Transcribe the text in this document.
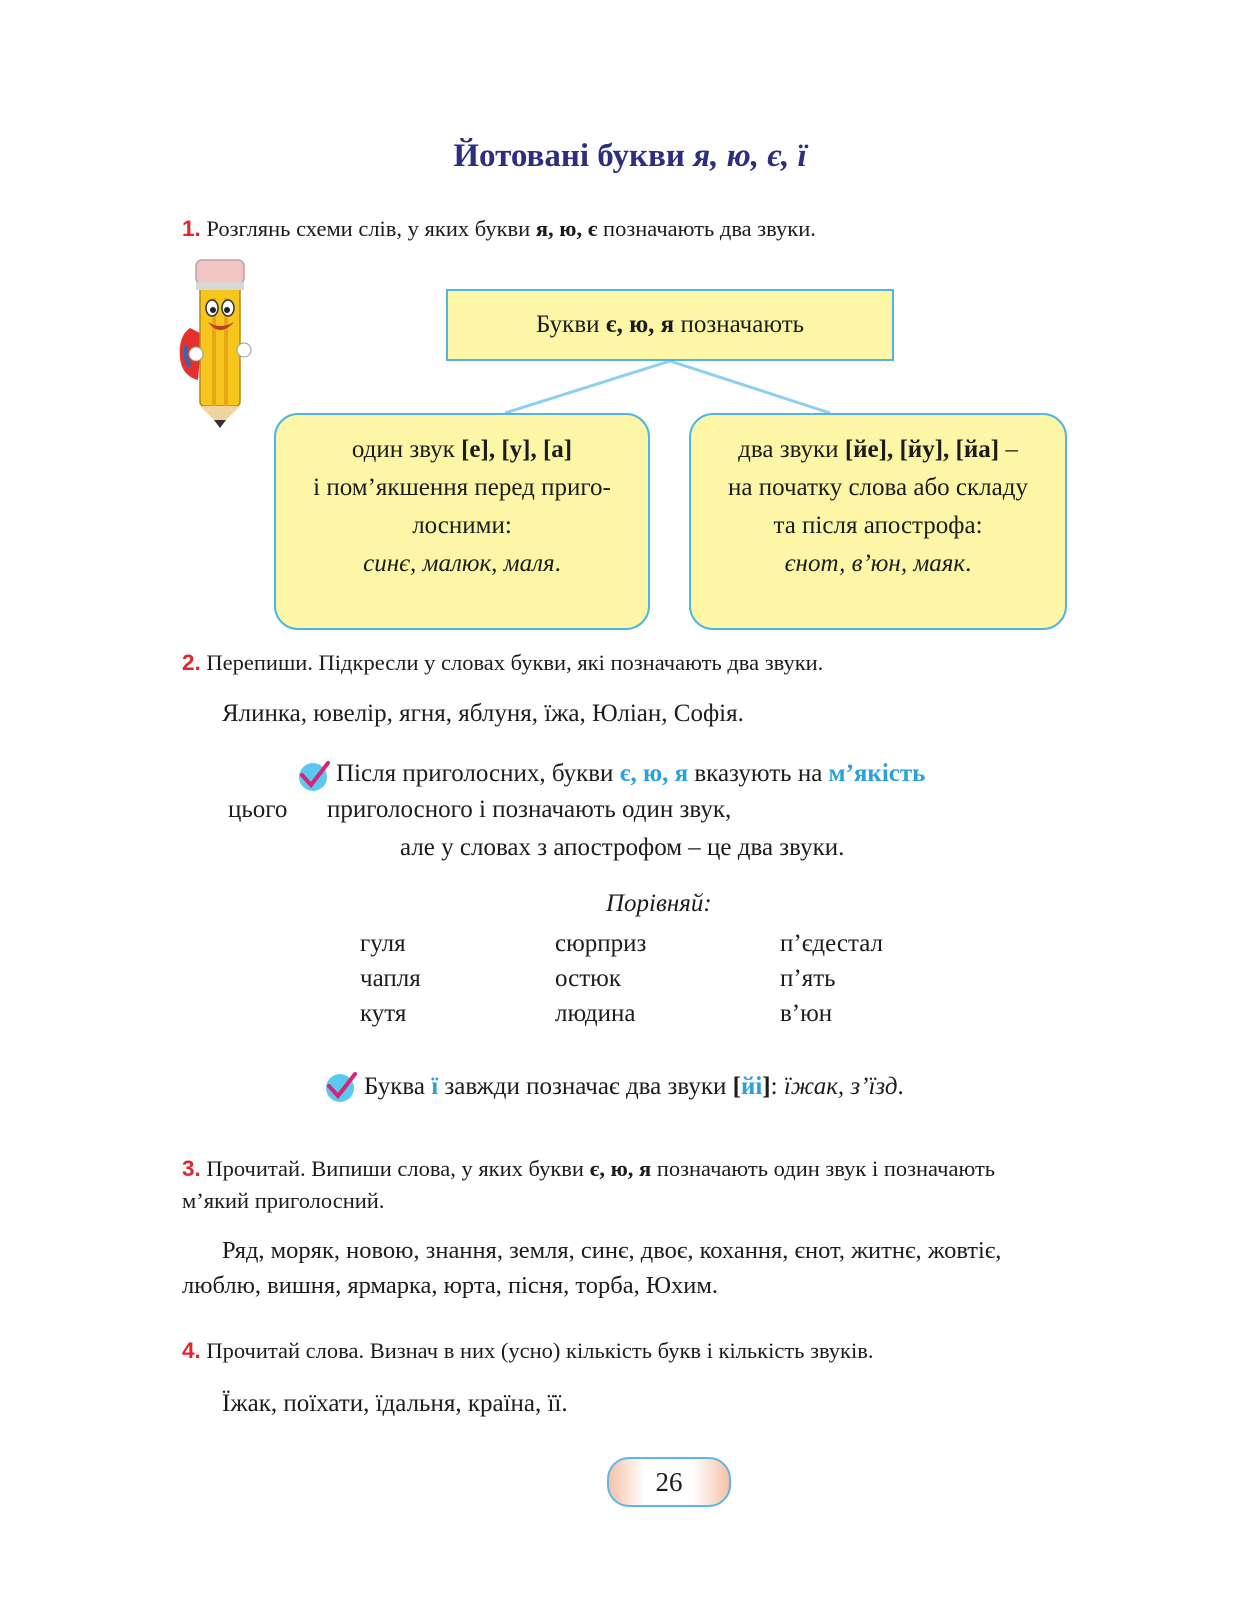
Йотовані букви я, ю, є, ї
1. Розглянь схеми слів, у яких букви я, ю, є позначають два звуки.
Букви є, ю, я позначають
один звук [е], [у], [а]
і пом’якшення перед приго-
лосними:
синє, малюк, маля.
два звуки [йе], [йу], [йа] –
на початку слова або складу
та після апострофа:
єнот, в’юн, маяк.
2. Перепиши. Підкресли у словах букви, які позначають два звуки.
Ялинка, ювелір, ягня, яблуня, їжа, Юліан, Софія.
Після приголосних, букви є, ю, я вказують на м’якість
цього приголосного і позначають один звук,
але у словах з апострофом – це два звуки.
Порівняй:
гуля
чапля
кутя
сюрприз
остюк
людина
п’єдестал
п’ять
в’юн
Буква ї завжди позначає два звуки [йі]: їжак, з’їзд.
3. Прочитай. Випиши слова, у яких букви є, ю, я позначають один звук і позначають
м’який приголосний.
Ряд, моряк, новою, знання, земля, синє, двоє, кохання, єнот, житнє, жовтіє,
люблю, вишня, ярмарка, юрта, пісня, торба, Юхим.
4. Прочитай слова. Визнач в них (усно) кількість букв і кількість звуків.
Їжак, поїхати, їдальня, країна, її.
26
